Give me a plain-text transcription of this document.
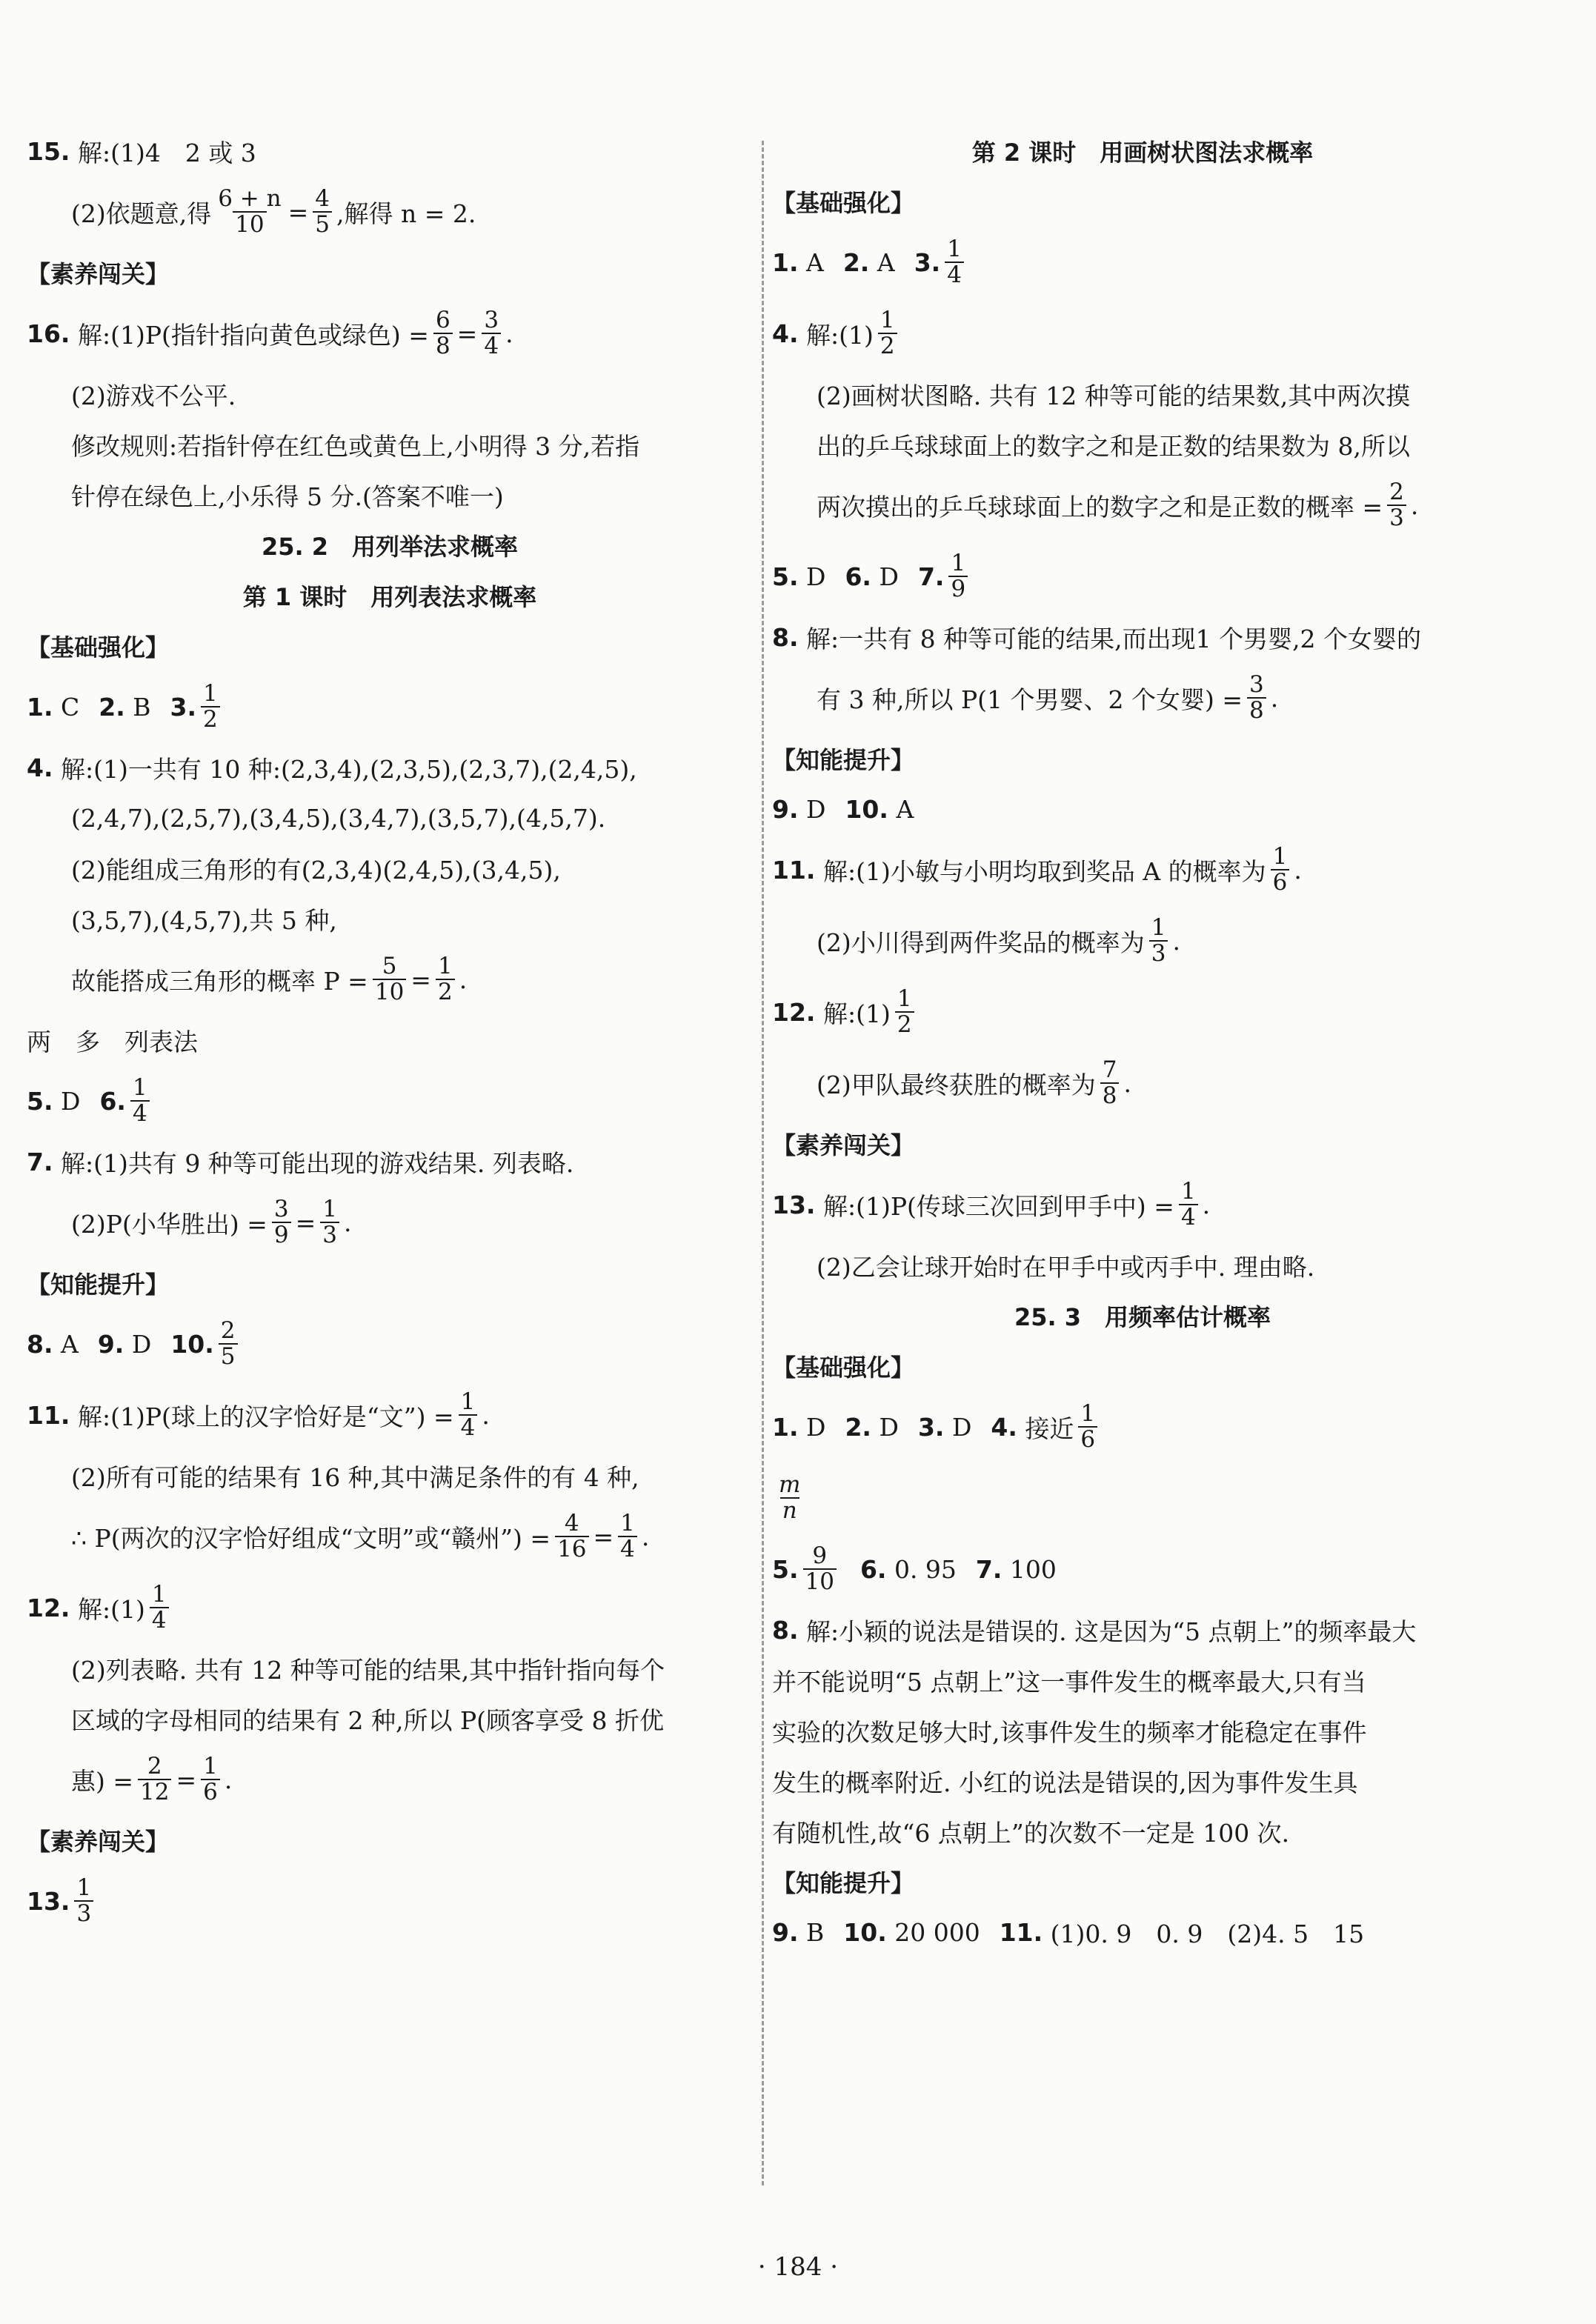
15.
解:(1)4　2 或 3
(2)依题意,得 $\frac{6 + n}{10} = \frac{4}{5}$ ,解得 n = 2.
【素养闯关】
16.
解:(1)P(指针指向黄色或绿色) = $\frac{6}{8} = \frac{3}{4}$ .
(2)游戏不公平.
修改规则:若指针停在红色或黄色上,小明得 3 分,若指
针停在绿色上,小乐得 5 分.(答案不唯一)
25. 2　用列举法求概率
第 1 课时　用列表法求概率
【基础强化】
1.
C 2.
B 3. $\frac{1}{2}$
4.
解:(1)一共有 10 种:(2,3,4),(2,3,5),(2,3,7),(2,4,5),
(2,4,7),(2,5,7),(3,4,5),(3,4,7),(3,5,7),(4,5,7).
(2)能组成三角形的有(2,3,4)(2,4,5),(3,4,5),
(3,5,7),(4,5,7),共 5 种,
故能搭成三角形的概率 $P = \frac{5}{10} = \frac{1}{2}$ .
两　多　列表法
5.
D 6. $\frac{1}{4}$
7.
解:(1)共有 9 种等可能出现的游戏结果. 列表略.
(2)P(小华胜出) = $\frac{3}{9} = \frac{1}{3}$ .
【知能提升】
8.
A 9.
D 10. $\frac{2}{5}$
11.
解:(1)P(球上的汉字恰好是“文”) = $\frac{1}{4}$ .
(2)所有可能的结果有 16 种,其中满足条件的有 4 种,
∴ P(两次的汉字恰好组成“文明”或“赣州”) = $\frac{4}{16} = \frac{1}{4}$ .
12.
解:(1) $\frac{1}{4}$
(2)列表略. 共有 12 种等可能的结果,其中指针指向每个
区域的字母相同的结果有 2 种,所以 P(顾客享受 8 折优
惠) = $\frac{2}{12} = \frac{1}{6}$ .
【素养闯关】
13. $\frac{1}{3}$
第 2 课时　用画树状图法求概率
【基础强化】
1.
A 2.
A 3. $\frac{1}{4}$
4.
解:(1) $\frac{1}{2}$
(2)画树状图略. 共有 12 种等可能的结果数,其中两次摸
出的乒乓球球面上的数字之和是正数的结果数为 8,所以
两次摸出的乒乓球球面上的数字之和是正数的概率 = $\frac{2}{3}$ .
5.
D 6.
D 7. $\frac{1}{9}$
8.
解:一共有 8 种等可能的结果,而出现1 个男婴,2 个女婴的
有 3 种,所以 P(1 个男婴、2 个女婴) = $\frac{3}{8}$ .
【知能提升】
9.
D 10.
A
11.
解:(1)小敏与小明均取到奖品 A 的概率为 $\frac{1}{6}$ .
(2)小川得到两件奖品的概率为 $\frac{1}{3}$ .
12.
解:(1) $\frac{1}{2}$
(2)甲队最终获胜的概率为 $\frac{7}{8}$ .
【素养闯关】
13.
解:(1)P(传球三次回到甲手中) = $\frac{1}{4}$ .
(2)乙会让球开始时在甲手中或丙手中. 理由略.
25. 3　用频率估计概率
【基础强化】
1.
D 2.
D 3.
D 4.
接近 $\frac{1}{6}$
$\frac{m}{n}$
5. $\frac{9}{10} 6$.
0. 95 7.
100
8.
解:小颖的说法是错误的. 这是因为“5 点朝上”的频率最大
并不能说明“5 点朝上”这一事件发生的概率最大,只有当
实验的次数足够大时,该事件发生的频率才能稳定在事件
发生的概率附近. 小红的说法是错误的,因为事件发生具
有随机性,故“6 点朝上”的次数不一定是 100 次.
【知能提升】
9.
B 10.
20 000 11.
(1)0. 9　0. 9　(2)4. 5　15
· 184 ·
